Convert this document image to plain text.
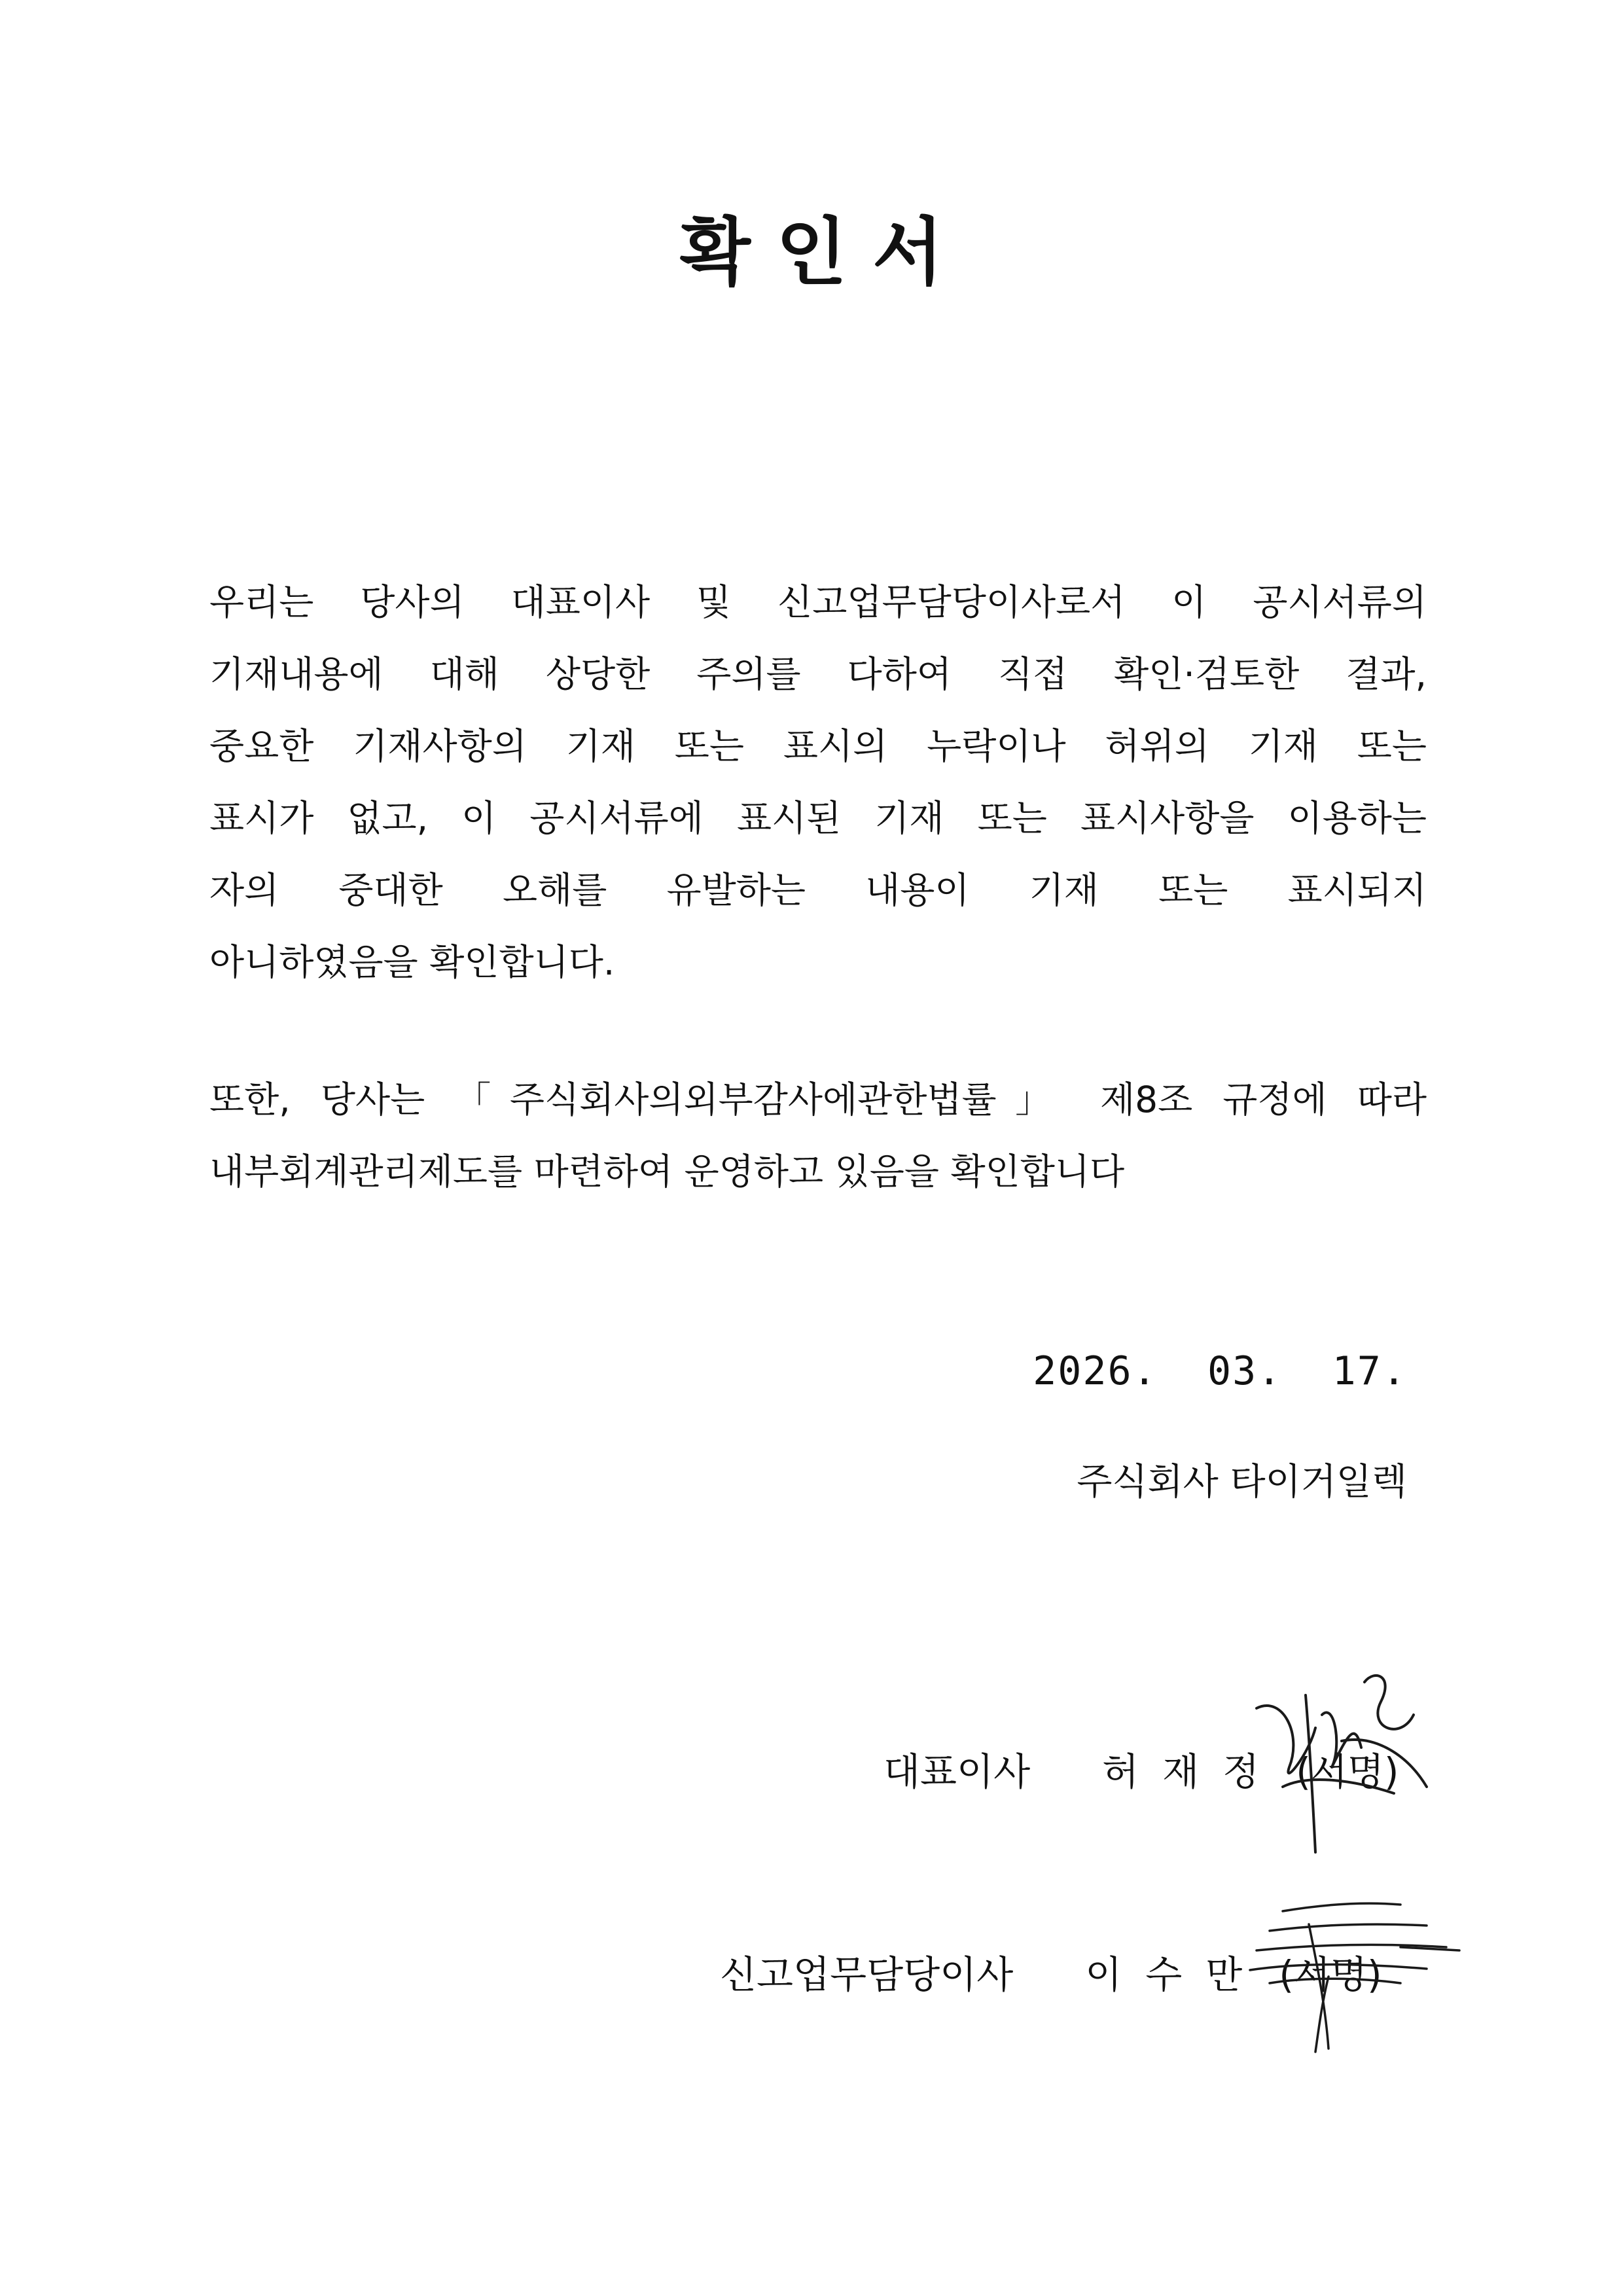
확 인 서
우리는 당사의 대표이사 및 신고업무담당이사로서 이 공시서류의
기재내용에 대해 상당한 주의를 다하여 직접 확인·검토한 결과,
중요한 기재사항의 기재 또는 표시의 누락이나 허위의 기재 또는
표시가 없고, 이 공시서류에 표시된 기재 또는 표시사항을 이용하는
자의 중대한 오해를 유발하는 내용이 기재 또는 표시되지
아니하였음을 확인합니다.
또한, 당사는 「주식회사의외부감사에관한법률」 제8조 규정에 따라
내부회계관리제도를 마련하여 운영하고 있음을 확인합니다
2026.  03.  17.
주식회사 타이거일렉
대표이사 허재정 (서명)
신고업무담당이사 이수만 (서명)
